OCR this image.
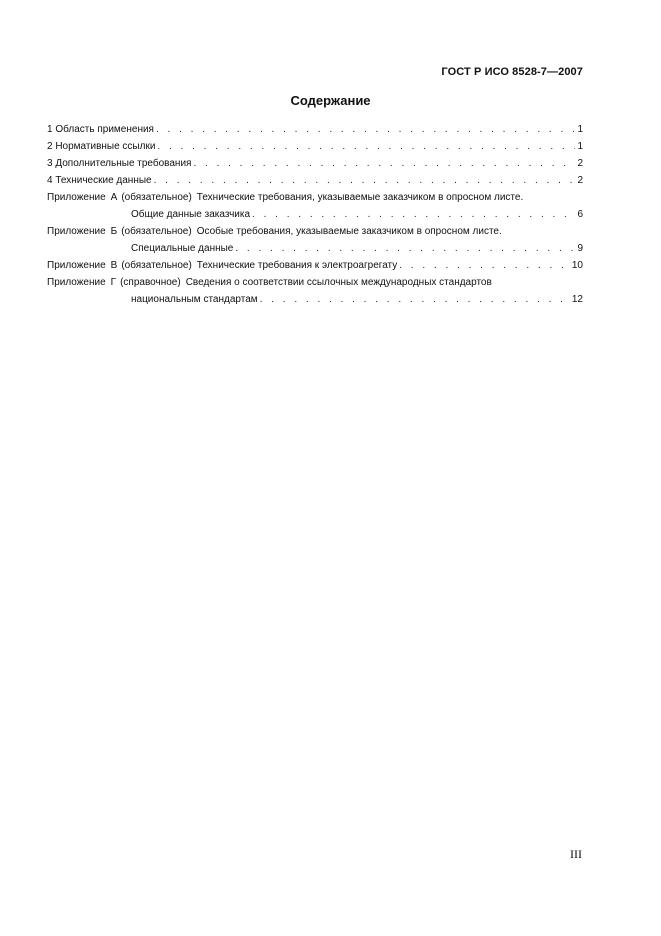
ГОСТ Р ИСО 8528-7—2007
Содержание
1 Область применения . . .	1
2 Нормативные ссылки . . .	1
3 Дополнительные требования . . .	2
4 Технические данные . . .	2
Приложение А (обязательное) Технические требования, указываемые заказчиком в опросном листе.
Общие данные заказчика . . .	6
Приложение Б (обязательное) Особые требования, указываемые заказчиком в опросном листе.
Специальные данные . . .	9
Приложение В (обязательное) Технические требования к электроагрегату . . .	10
Приложение Г (справочное) Сведения о соответствии ссылочных международных стандартов
национальным стандартам . . .	12
III
